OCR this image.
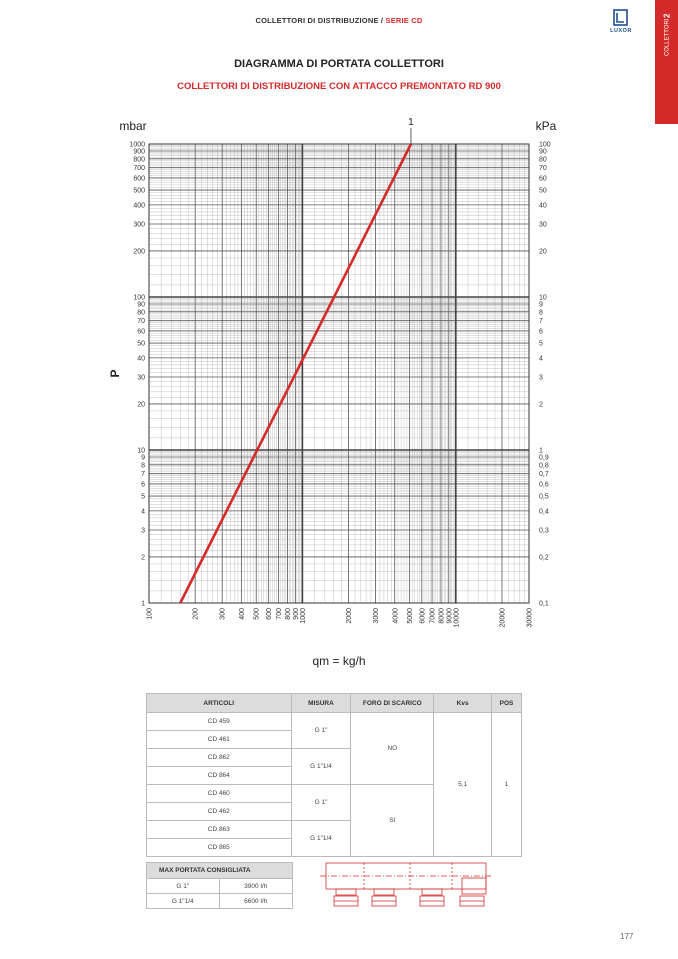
COLLETTORI DI DISTRIBUZIONE / SERIE CD
LUXOR	COLLETTORI2
DIAGRAMMA DI PORTATA COLLETTORI
COLLETTORI DI DISTRIBUZIONE CON ATTACCO PREMONTATO RD 900
100	200	300 400 500 600 700 800 900 1000	2000	3000 4000 5000 6000 7000 8000 9000 10000	20000	30000
1
2
3
4
5
6
7
8
9
10
20
30
40
50
60
70
80
90
100
200
300
400
500
600
700
800
900
1000
0,1
0,2
0,3
0,4
0,5
0,6
0,7
0,8
0,9
1
2
3
4
5
6
7
8
9
10
20
30
40
50
60
70
80
90
100
mbar	kPa
P
qm = kg/h
1
ARTICOLI	MISURA	FORO DI SCARICO	Kvs	POS
CD 459	G 1"	NO	5,1	1
CD 461				
CD 862	G 1"1/4			
CD 864				
CD 460	G 1"	SI		
CD 462				
CD 863	G 1"1/4			
CD 865				
MAX PORTATA CONSIGLIATA	
G 1"	3900 l/h
G 1"1/4	6600 l/h
177
